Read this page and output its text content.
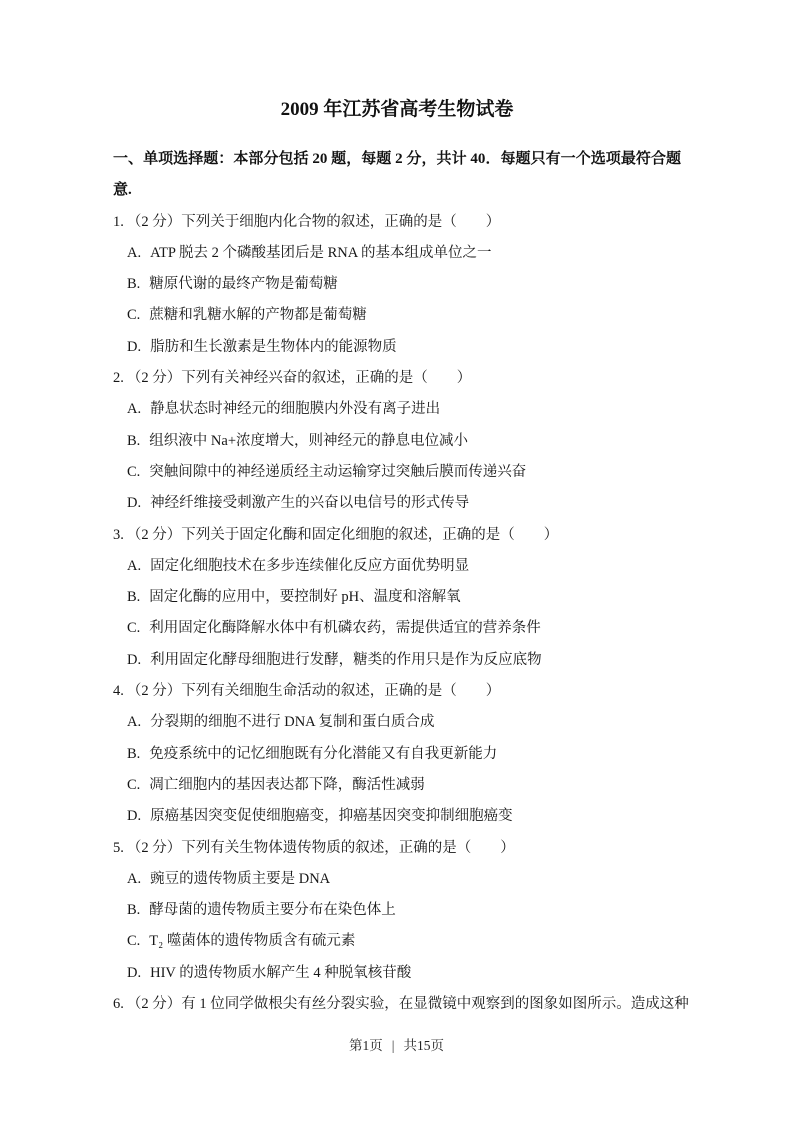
2009 年江苏省高考生物试卷

一、单项选择题：本部分包括 20 题，每题 2 分，共计 40．每题只有一个选项最符合题意.

1. （2 分）下列关于细胞内化合物的叙述，正确的是（　　）

A. ATP 脱去 2 个磷酸基团后是 RNA 的基本组成单位之一

B. 糖原代谢的最终产物是葡萄糖

C. 蔗糖和乳糖水解的产物都是葡萄糖

D. 脂肪和生长激素是生物体内的能源物质

2. （2 分）下列有关神经兴奋的叙述，正确的是（　　）

A. 静息状态时神经元的细胞膜内外没有离子进出

B. 组织液中 Na+浓度增大，则神经元的静息电位减小

C. 突触间隙中的神经递质经主动运输穿过突触后膜而传递兴奋

D. 神经纤维接受刺激产生的兴奋以电信号的形式传导

3. （2 分）下列关于固定化酶和固定化细胞的叙述，正确的是（　　）

A. 固定化细胞技术在多步连续催化反应方面优势明显

B. 固定化酶的应用中，要控制好 pH、温度和溶解氧

C. 利用固定化酶降解水体中有机磷农药，需提供适宜的营养条件

D. 利用固定化酵母细胞进行发酵，糖类的作用只是作为反应底物

4. （2 分）下列有关细胞生命活动的叙述，正确的是（　　）

A. 分裂期的细胞不进行 DNA 复制和蛋白质合成

B. 免疫系统中的记忆细胞既有分化潜能又有自我更新能力

C. 凋亡细胞内的基因表达都下降，酶活性减弱

D. 原癌基因突变促使细胞癌变，抑癌基因突变抑制细胞癌变

5. （2 分）下列有关生物体遗传物质的叙述，正确的是（　　）

A. 豌豆的遗传物质主要是 DNA

B. 酵母菌的遗传物质主要分布在染色体上

C. T₂ 噬菌体的遗传物质含有硫元素

D. HIV 的遗传物质水解产生 4 种脱氧核苷酸

6. （2 分）有 1 位同学做根尖有丝分裂实验，在显微镜中观察到的图象如图所示。造成这种

第1页 | 共15页
